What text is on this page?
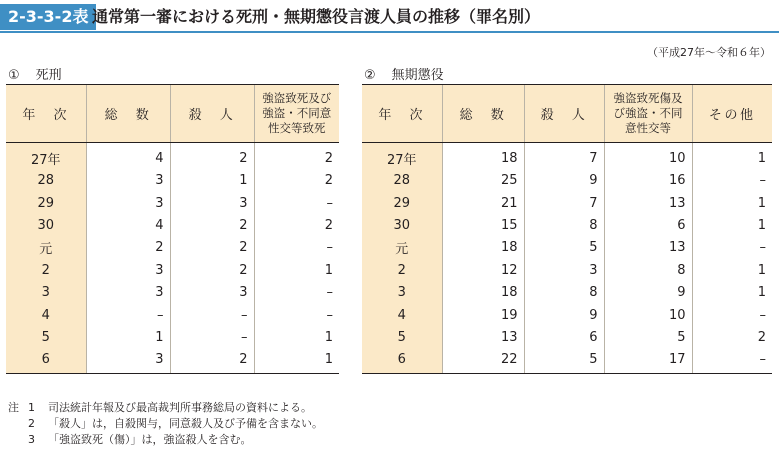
2-3-3-2表 通常第一審における死刑・無期懲役言渡人員の推移（罪名別）
（平成27年～令和６年）
① 死刑	② 無期懲役
年　次	総　数	殺　人	強盗致死及び強盗・不同意性交等致死
27年	4	2	2
28	3	1	2
29	3	3	–
30	4	2	2
元	2	2	–
2	3	2	1
3	3	3	–
4	–	–	–
5	1	–	1
6	3	2	1
年　次	総　数	殺　人	強盗致死傷及び強盗・不同意性交等	その他
27年	18	7	10	1
28	25	9	16	–
29	21	7	13	1
30	15	8	6	1
元	18	5	13	–
2	12	3	8	1
3	18	8	9	1
4	19	9	10	–
5	13	6	5	2
6	22	5	17	–
注 1 司法統計年報及び最高裁判所事務総局の資料による。
2 「殺人」は，自殺関与，同意殺人及び予備を含まない。
3 「強盗致死（傷）」は，強盗殺人を含む。
